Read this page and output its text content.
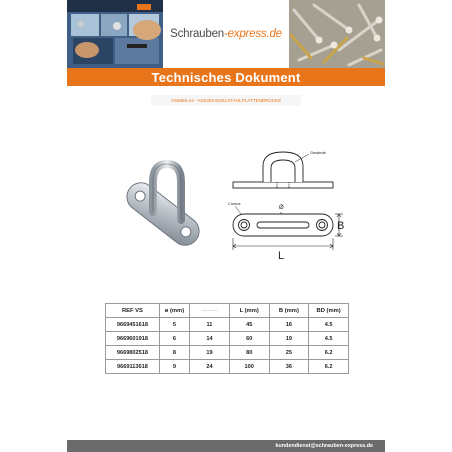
Schrauben-express.de
Technisches Dokument
VS9669 A2 - AISI304 EDELSTAHLPLATTENBRÜCKE
Gewinde
Conica
Ø
B
L
REF VS	ø (mm)	——————	L (mm)	B (mm)	BD (mm)
9669451618	5	11	45	16	4.5
9669601918	6	14	60	19	4.5
9669802518	8	19	80	25	6.2
9669113618	9	24	100	36	6.2
kundendienst@schrauben-express.de
